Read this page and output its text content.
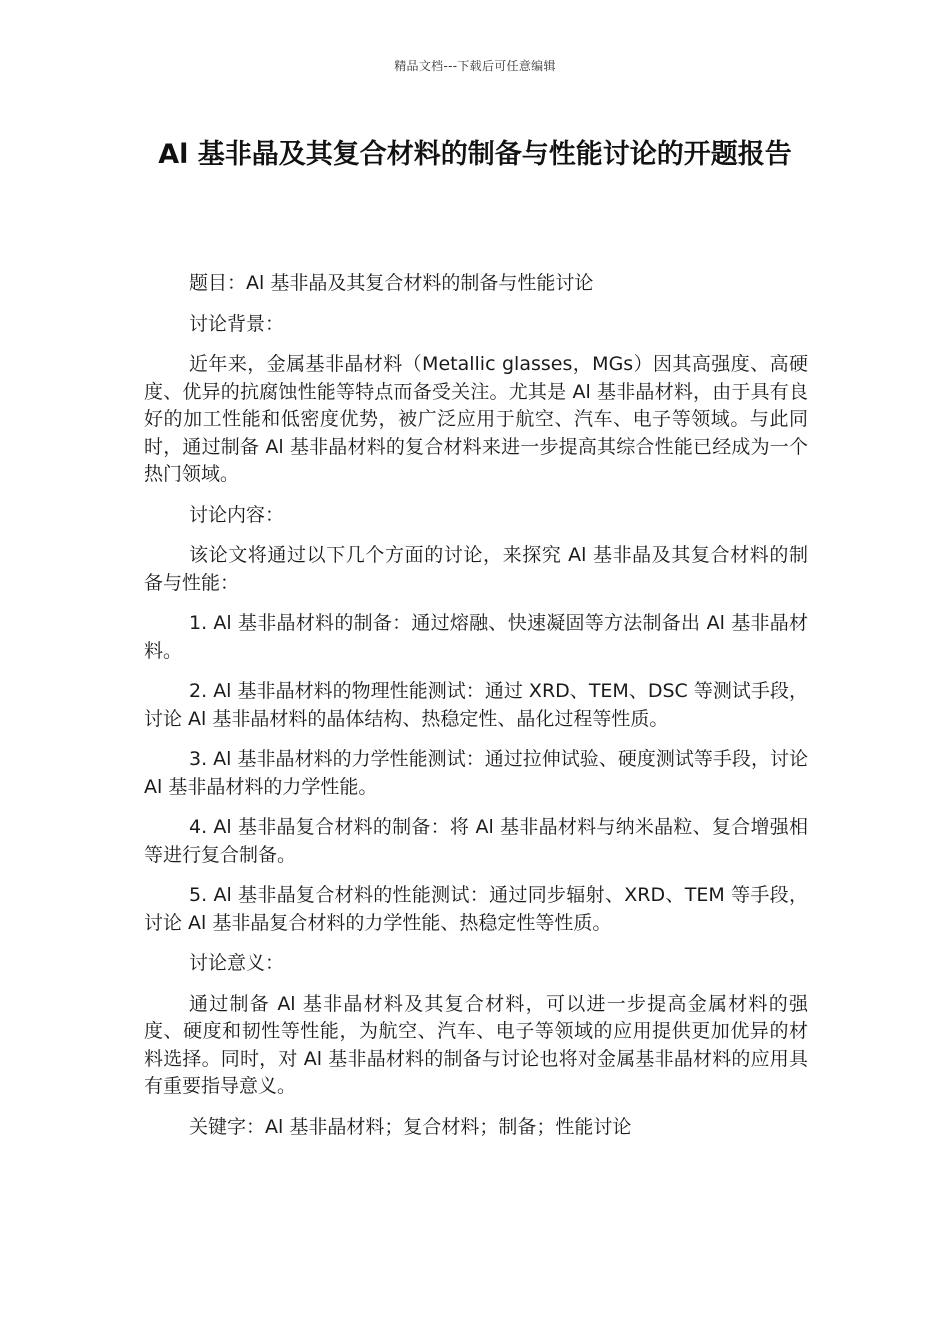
精品文档---下载后可任意编辑
Al 基非晶及其复合材料的制备与性能讨论的开题报告

题目：Al 基非晶及其复合材料的制备与性能讨论

讨论背景：

近年来，金属基非晶材料（Metallic glasses，MGs）因其高强度、高硬度、优异的抗腐蚀性能等特点而备受关注。尤其是 Al 基非晶材料，由于具有良好的加工性能和低密度优势，被广泛应用于航空、汽车、电子等领域。与此同时，通过制备 Al 基非晶材料的复合材料来进一步提高其综合性能已经成为一个热门领域。

讨论内容：

该论文将通过以下几个方面的讨论，来探究 Al 基非晶及其复合材料的制备与性能：

1. Al 基非晶材料的制备：通过熔融、快速凝固等方法制备出 Al 基非晶材料。

2. Al 基非晶材料的物理性能测试：通过 XRD、TEM、DSC 等测试手段，讨论 Al 基非晶材料的晶体结构、热稳定性、晶化过程等性质。

3. Al 基非晶材料的力学性能测试：通过拉伸试验、硬度测试等手段，讨论 Al 基非晶材料的力学性能。

4. Al 基非晶复合材料的制备：将 Al 基非晶材料与纳米晶粒、复合增强相等进行复合制备。

5. Al 基非晶复合材料的性能测试：通过同步辐射、XRD、TEM 等手段，讨论 Al 基非晶复合材料的力学性能、热稳定性等性质。

讨论意义：

通过制备 Al 基非晶材料及其复合材料，可以进一步提高金属材料的强度、硬度和韧性等性能，为航空、汽车、电子等领域的应用提供更加优异的材料选择。同时，对 Al 基非晶材料的制备与讨论也将对金属基非晶材料的应用具有重要指导意义。

关键字：Al 基非晶材料；复合材料；制备；性能讨论
